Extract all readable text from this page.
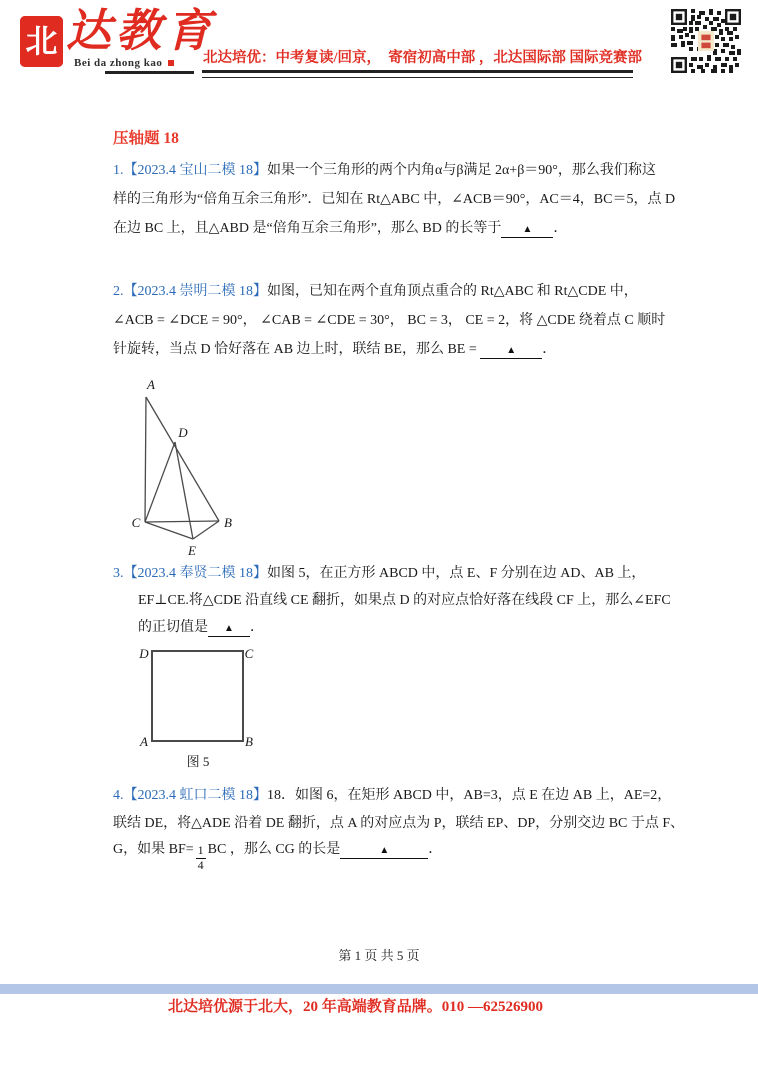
北 达教育
Bei da zhong kao	北达培优：中考复读/回京，  寄宿初高中部 ，北达国际部 国际竞赛部
压轴题 18
1.【2023.4 宝山二模 18】如果一个三角形的两个内角α与β满足 2α+β＝90°，那么我们称这
样的三角形为“倍角互余三角形”．已知在 Rt△ABC 中，∠ACB＝90°，AC＝4，BC＝5，点 D
在边 BC 上，且△ABD 是“倍角互余三角形”，那么 BD 的长等于 ▲ ．
2.【2023.4 崇明二模 18】如图，已知在两个直角顶点重合的 Rt△ABC 和 Rt△CDE 中，
∠ACB = ∠DCE = 90°， ∠CAB = ∠CDE = 30°， BC = 3， CE = 2，将 △CDE 绕着点 C 顺时
针旋转，当点 D 恰好落在 AB 边上时，联结 BE，那么 BE =	▲ ．
A
D
C	B
E
3.【2023.4 奉贤二模 18】如图 5，在正方形 ABCD 中，点 E、F 分别在边 AD、AB 上，
EF⊥CE.将△CDE 沿直线 CE 翻折，如果点 D 的对应点恰好落在线段 CF 上，那么∠EFC
的正切值是 ▲ ．
D	C
A	B
图 5
4.【2023.4 虹口二模 18】18．如图 6，在矩形 ABCD 中，AB=3，点 E 在边 AB 上，AE=2，
联结 DE，将△ADE 沿着 DE 翻折，点 A 的对应点为 P，联结 EP、DP，分别交边 BC 于点 F、
G，如果 $BF= \frac{1}{4}$ BC ，那么 CG 的长是	▲	．
第 1 页 共 5 页
北达培优源于北大，20 年高端教育品牌。010 —62526900
